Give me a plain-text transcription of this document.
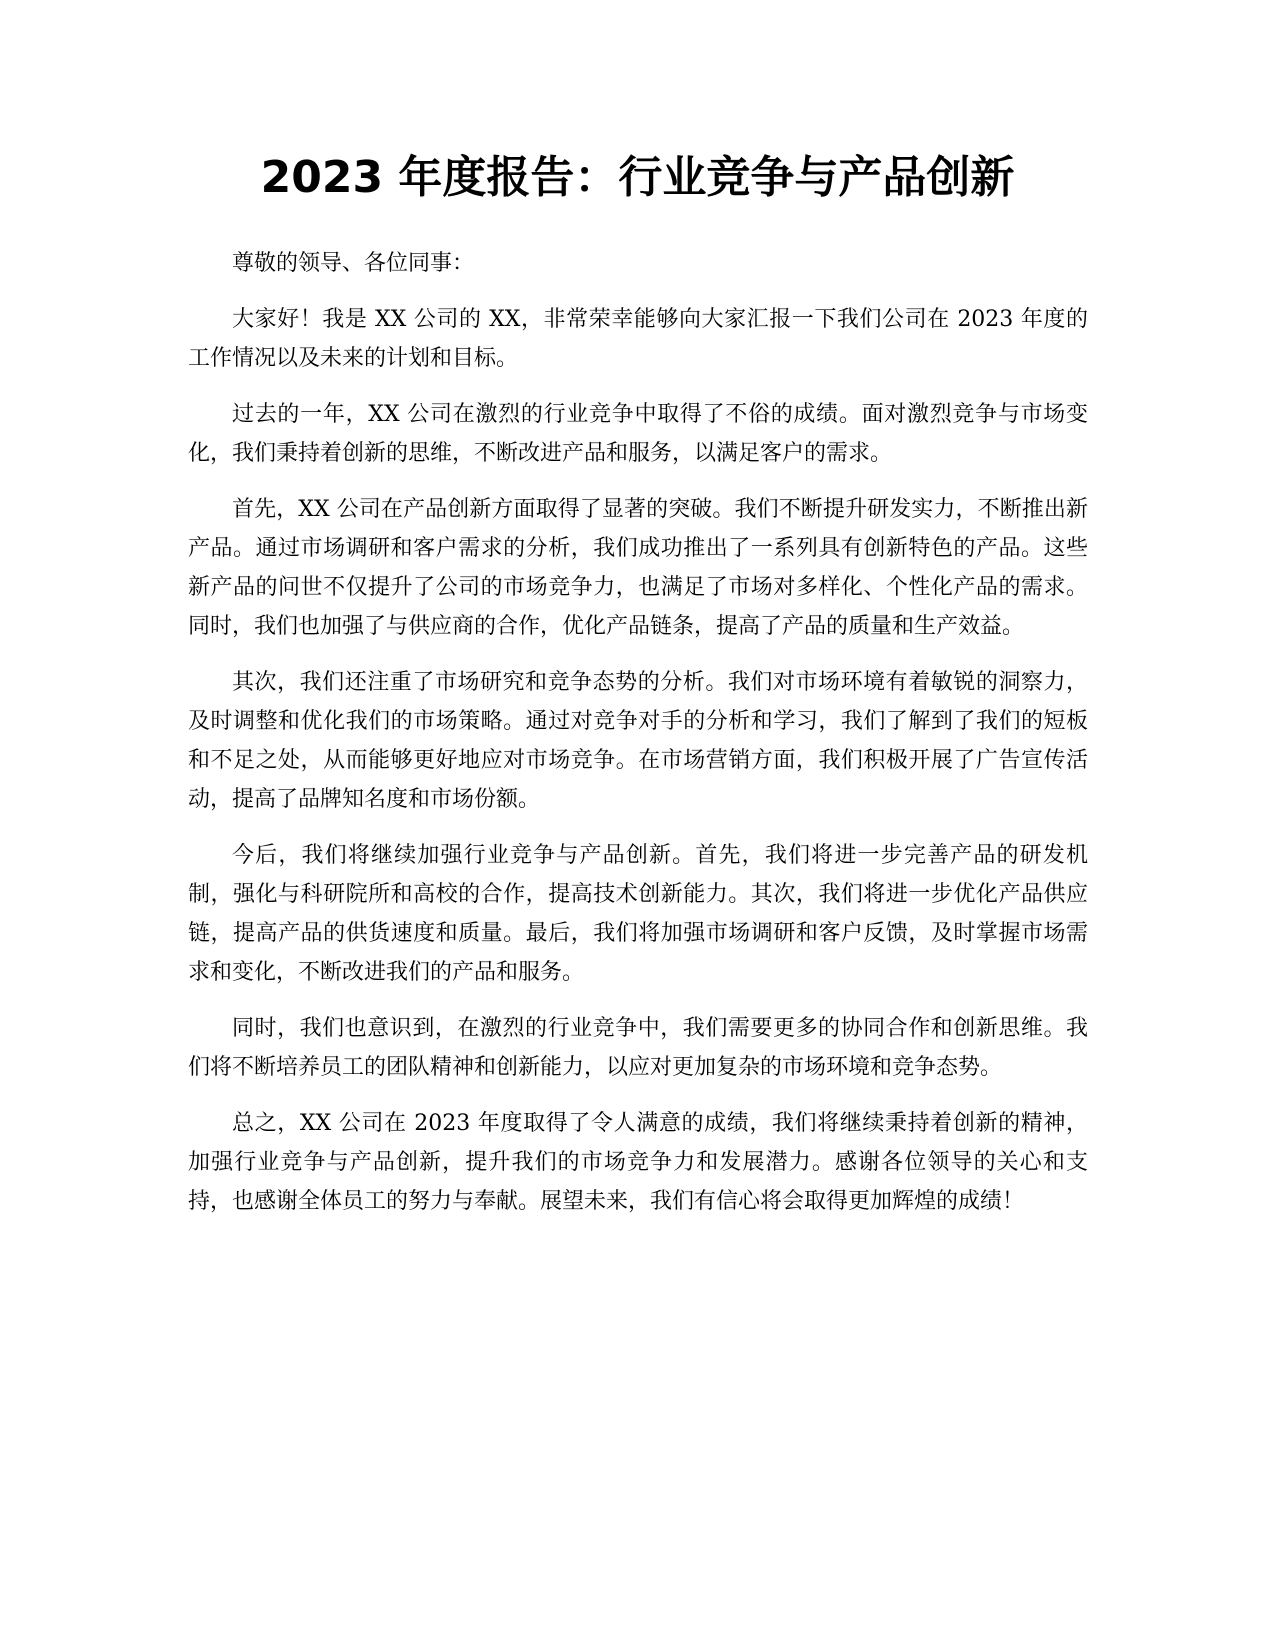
2023 年度报告：行业竞争与产品创新

尊敬的领导、各位同事：

大家好！我是 XX 公司的 XX，非常荣幸能够向大家汇报一下我们公司在 2023 年度的工作情况以及未来的计划和目标。

过去的一年，XX 公司在激烈的行业竞争中取得了不俗的成绩。面对激烈竞争与市场变化，我们秉持着创新的思维，不断改进产品和服务，以满足客户的需求。

首先，XX 公司在产品创新方面取得了显著的突破。我们不断提升研发实力，不断推出新产品。通过市场调研和客户需求的分析，我们成功推出了一系列具有创新特色的产品。这些新产品的问世不仅提升了公司的市场竞争力，也满足了市场对多样化、个性化产品的需求。同时，我们也加强了与供应商的合作，优化产品链条，提高了产品的质量和生产效益。

其次，我们还注重了市场研究和竞争态势的分析。我们对市场环境有着敏锐的洞察力，及时调整和优化我们的市场策略。通过对竞争对手的分析和学习，我们了解到了我们的短板和不足之处，从而能够更好地应对市场竞争。在市场营销方面，我们积极开展了广告宣传活动，提高了品牌知名度和市场份额。

今后，我们将继续加强行业竞争与产品创新。首先，我们将进一步完善产品的研发机制，强化与科研院所和高校的合作，提高技术创新能力。其次，我们将进一步优化产品供应链，提高产品的供货速度和质量。最后，我们将加强市场调研和客户反馈，及时掌握市场需求和变化，不断改进我们的产品和服务。

同时，我们也意识到，在激烈的行业竞争中，我们需要更多的协同合作和创新思维。我们将不断培养员工的团队精神和创新能力，以应对更加复杂的市场环境和竞争态势。

总之，XX 公司在 2023 年度取得了令人满意的成绩，我们将继续秉持着创新的精神，加强行业竞争与产品创新，提升我们的市场竞争力和发展潜力。感谢各位领导的关心和支持，也感谢全体员工的努力与奉献。展望未来，我们有信心将会取得更加辉煌的成绩！
